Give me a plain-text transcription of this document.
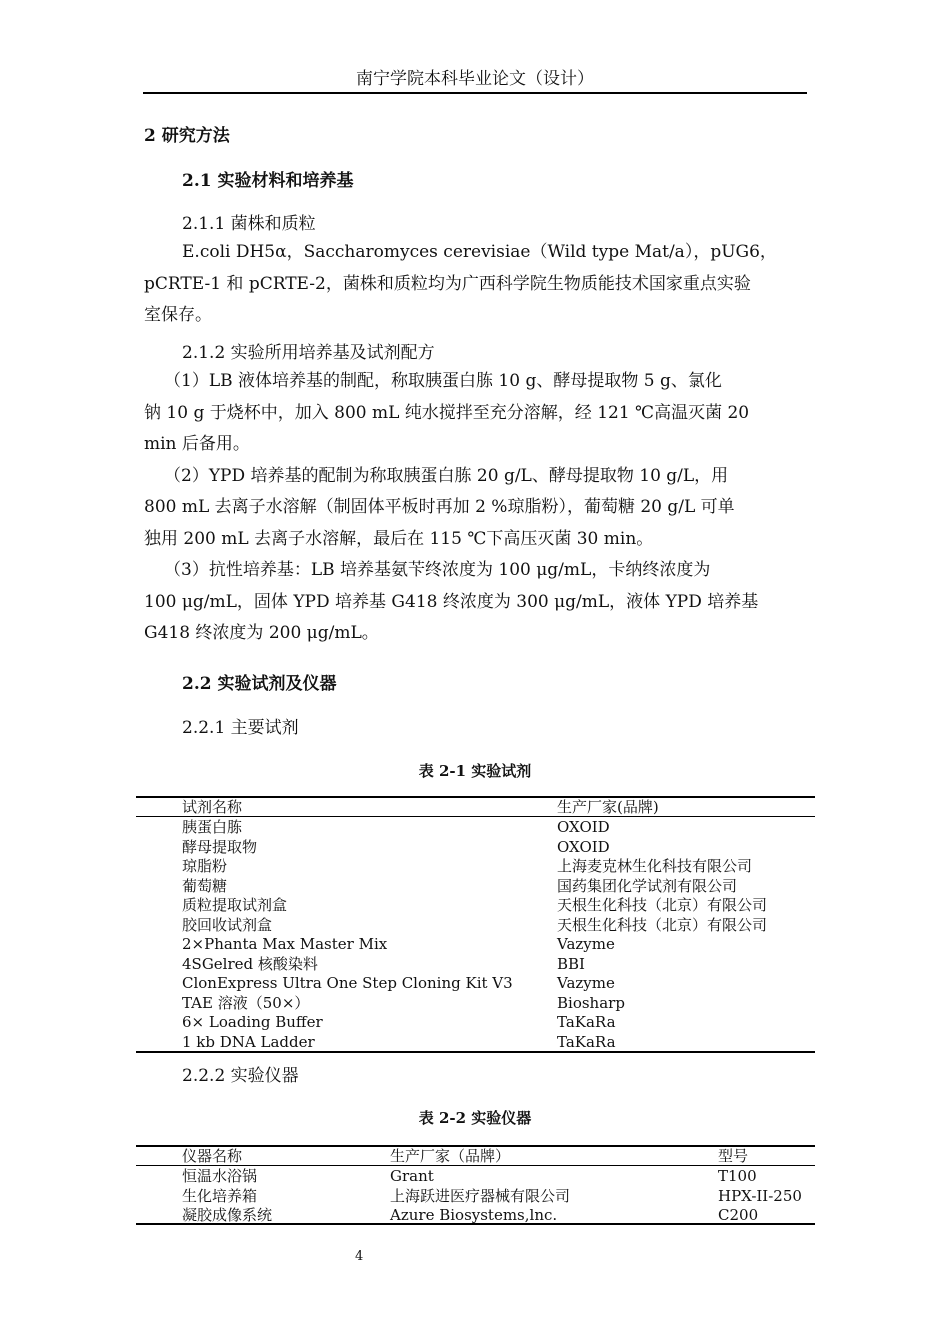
南宁学院本科毕业论文（设计）
2 研究方法
2.1 实验材料和培养基
2.1.1 菌株和质粒
E.coli DH5α，Saccharomyces cerevisiae（Wild type Mat/a），pUG6，
pCRTE-1 和 pCRTE-2，菌株和质粒均为广西科学院生物质能技术国家重点实验
室保存。
2.1.2 实验所用培养基及试剂配方
（1）LB 液体培养基的制配，称取胰蛋白胨 10 g、酵母提取物 5 g、氯化
钠 10 g 于烧杯中，加入 800 mL 纯水搅拌至充分溶解，经 121 ℃高温灭菌 20
min 后备用。
（2）YPD 培养基的配制为称取胰蛋白胨 20 g/L、酵母提取物 10 g/L，用
800 mL 去离子水溶解（制固体平板时再加 2 %琼脂粉），葡萄糖 20 g/L 可单
独用 200 mL 去离子水溶解，最后在 115 ℃下高压灭菌 30 min。
（3）抗性培养基：LB 培养基氨苄终浓度为 100 μg/mL，卡纳终浓度为
100 μg/mL，固体 YPD 培养基 G418 终浓度为 300 μg/mL，液体 YPD 培养基
G418 终浓度为 200 μg/mL。
2.2 实验试剂及仪器
2.2.1 主要试剂
表 2-1 实验试剂
试剂名称	生产厂家(品牌)
胰蛋白胨	OXOID
酵母提取物	OXOID
琼脂粉	上海麦克林生化科技有限公司
葡萄糖	国药集团化学试剂有限公司
质粒提取试剂盒	天根生化科技（北京）有限公司
胶回收试剂盒	天根生化科技（北京）有限公司
2×Phanta Max Master Mix	Vazyme
4SGelred 核酸染料	BBI
ClonExpress Ultra One Step Cloning Kit V3	Vazyme
TAE 溶液（50×）	Biosharp
6× Loading Buffer	TaKaRa
1 kb DNA Ladder	TaKaRa
2.2.2 实验仪器
表 2-2 实验仪器
仪器名称	生产厂家（品牌）	型号
恒温水浴锅	Grant	T100
生化培养箱	上海跃进医疗器械有限公司	HPX-II-250
凝胶成像系统	Azure Biosystems,lnc.	C200
4
